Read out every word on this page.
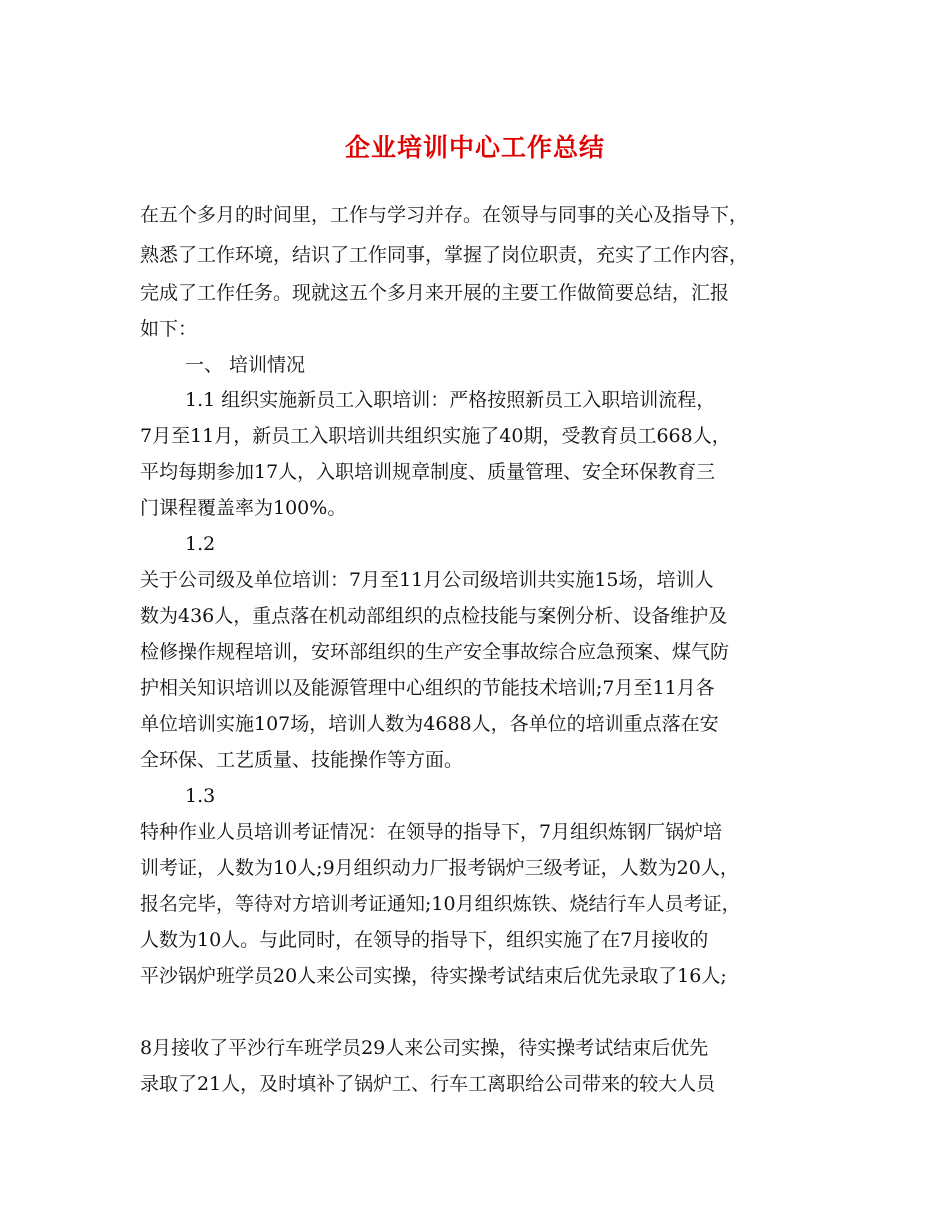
企业培训中心工作总结
在五个多月的时间里，工作与学习并存。在领导与同事的关心及指导下，
熟悉了工作环境，结识了工作同事，掌握了岗位职责，充实了工作内容，
完成了工作任务。现就这五个多月来开展的主要工作做简要总结，汇报
如下：
一、 培训情况
1.1 组织实施新员工入职培训：严格按照新员工入职培训流程，
7月至11月，新员工入职培训共组织实施了40期，受教育员工668人，
平均每期参加17人，入职培训规章制度、质量管理、安全环保教育三
门课程覆盖率为100%。
1.2
关于公司级及单位培训：7月至11月公司级培训共实施15场，培训人
数为436人，重点落在机动部组织的点检技能与案例分析、设备维护及
检修操作规程培训，安环部组织的生产安全事故综合应急预案、煤气防
护相关知识培训以及能源管理中心组织的节能技术培训;7月至11月各
单位培训实施107场，培训人数为4688人，各单位的培训重点落在安
全环保、工艺质量、技能操作等方面。
1.3
特种作业人员培训考证情况：在领导的指导下，7月组织炼钢厂锅炉培
训考证，人数为10人;9月组织动力厂报考锅炉三级考证，人数为20人，
报名完毕，等待对方培训考证通知;10月组织炼铁、烧结行车人员考证，
人数为10人。与此同时，在领导的指导下，组织实施了在7月接收的
平沙锅炉班学员20人来公司实操，待实操考试结束后优先录取了16人;
8月接收了平沙行车班学员29人来公司实操，待实操考试结束后优先
录取了21人，及时填补了锅炉工、行车工离职给公司带来的较大人员
